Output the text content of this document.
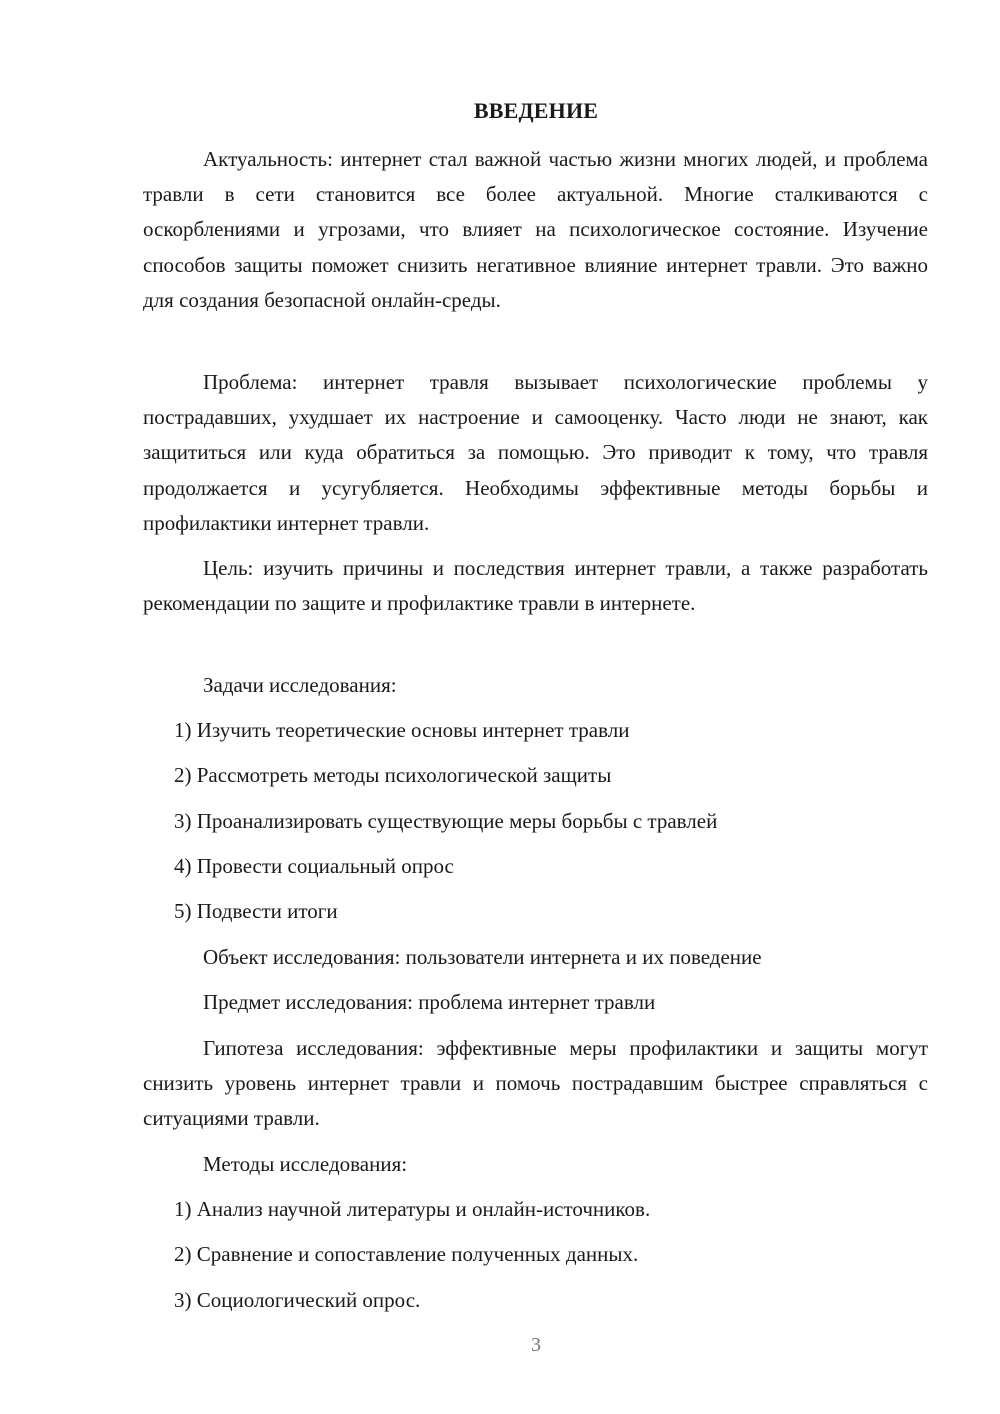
ВВЕДЕНИЕ

Актуальность: интернет стал важной частью жизни многих людей, и проблема травли в сети становится все более актуальной. Многие сталкиваются с оскорблениями и угрозами, что влияет на психологическое состояние. Изучение способов защиты поможет снизить негативное влияние интернет травли. Это важно для создания безопасной онлайн-среды.

Проблема: интернет травля вызывает психологические проблемы у пострадавших, ухудшает их настроение и самооценку. Часто люди не знают, как защититься или куда обратиться за помощью. Это приводит к тому, что травля продолжается и усугубляется. Необходимы эффективные методы борьбы и профилактики интернет травли.

Цель: изучить причины и последствия интернет травли, а также разработать рекомендации по защите и профилактике травли в интернете.

Задачи исследования:

1) Изучить теоретические основы интернет травли

2) Рассмотреть методы психологической защиты

3) Проанализировать существующие меры борьбы с травлей

4) Провести социальный опрос

5) Подвести итоги

Объект исследования: пользователи интернета и их поведение

Предмет исследования: проблема интернет травли

Гипотеза исследования: эффективные меры профилактики и защиты могут снизить уровень интернет травли и помочь пострадавшим быстрее справляться с ситуациями травли.

Методы исследования:

1) Анализ научной литературы и онлайн-источников.

2) Сравнение и сопоставление полученных данных.

3) Социологический опрос.

3
